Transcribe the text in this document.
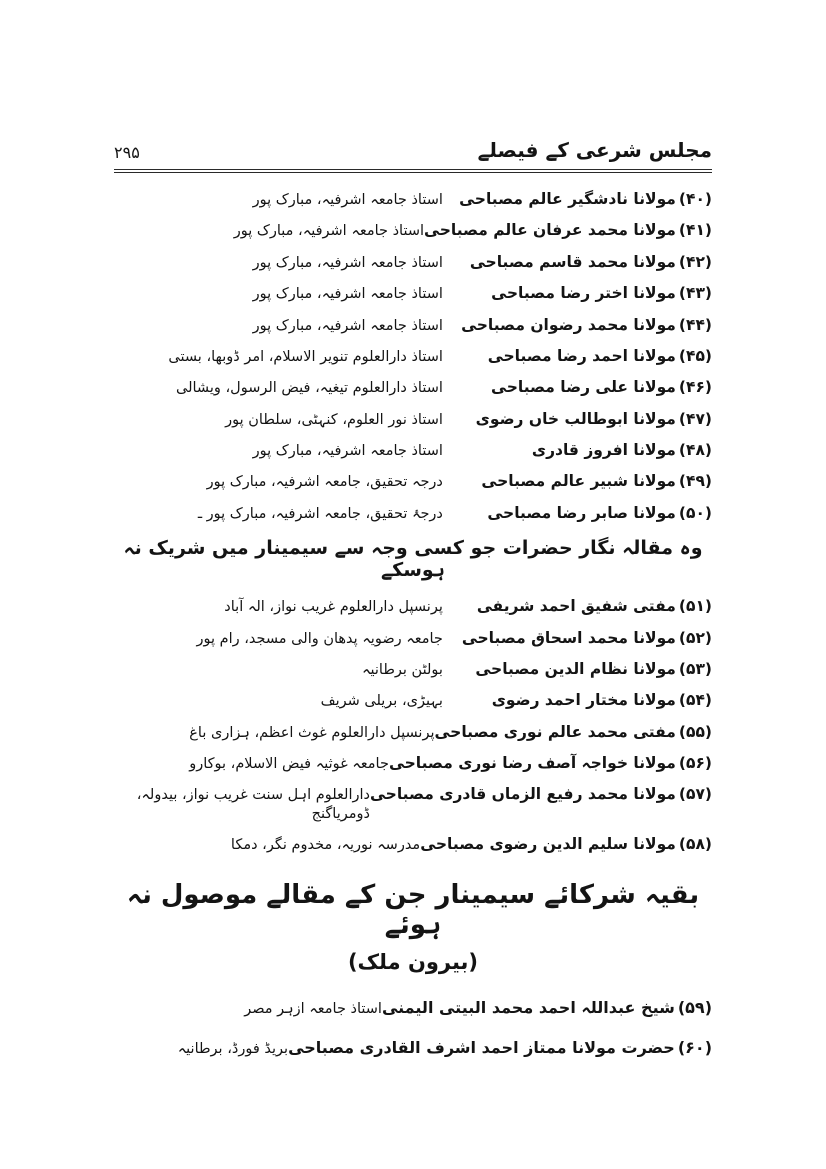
۲۹۵	مجلس شرعی کے فیصلے
(۴۰)مولانا نادشگیر عالم مصباحی
استاذ جامعہ اشرفیہ، مبارک پور
(۴۱)مولانا محمد عرفان عالم مصباحی
استاذ جامعہ اشرفیہ، مبارک پور
(۴۲)مولانا محمد قاسم مصباحی
استاذ جامعہ اشرفیہ، مبارک پور
(۴۳)مولانا اختر رضا مصباحی
استاذ جامعہ اشرفیہ، مبارک پور
(۴۴)مولانا محمد رضوان مصباحی
استاذ جامعہ اشرفیہ، مبارک پور
(۴۵)مولانا احمد رضا مصباحی
استاذ دارالعلوم تنویر الاسلام، امر ڈوبھا، بستی
(۴۶)مولانا علی رضا مصباحی
استاذ دارالعلوم تیغیہ، فیض الرسول، ویشالی
(۴۷)مولانا ابوطالب خاں رضوی
استاذ نور العلوم، کنہٹی، سلطان پور
(۴۸)مولانا افروز قادری
استاذ جامعہ اشرفیہ، مبارک پور
(۴۹)مولانا شبیر عالم مصباحی
درجہ تحقیق، جامعہ اشرفیہ، مبارک پور
(۵۰)مولانا صابر رضا مصباحی
درجۂ تحقیق، جامعہ اشرفیہ، مبارک پور ـ
وہ مقالہ نگار حضرات جو کسی وجہ سے سیمینار میں شریک نہ ہوسکے
(۵۱)مفتی شفیق احمد شریفی
پرنسپل دارالعلوم غریب نواز، الہ آباد
(۵۲)مولانا محمد اسحاق مصباحی
جامعہ رضویہ پدھان والی مسجد، رام پور
(۵۳)مولانا نظام الدین مصباحی
بولٹن برطانیہ
(۵۴)مولانا مختار احمد رضوی
بہیڑی، بریلی شریف
(۵۵)مفتی محمد عالم نوری مصباحی
پرنسپل دارالعلوم غوث اعظم، ہزاری باغ
(۵۶)مولانا خواجہ آصف رضا نوری مصباحی
جامعہ غوثیہ فیض الاسلام، بوکارو
(۵۷)مولانا محمد رفیع الزماں قادری مصباحی
دارالعلوم اہل سنت غریب نواز، بیدولہ، ڈومریاگنج
(۵۸)مولانا سلیم الدین رضوی مصباحی
مدرسہ نوریہ، مخدوم نگر، دمکا
بقیہ شرکائے سیمینار جن کے مقالے موصول نہ ہوئے
(بیرون ملک)
(۵۹)شیخ عبداللہ احمد محمد البیتی الیمنی
استاذ جامعہ ازہر مصر
(۶۰)حضرت مولانا ممتاز احمد اشرف القادری مصباحی
بریڈ فورڈ، برطانیہ
